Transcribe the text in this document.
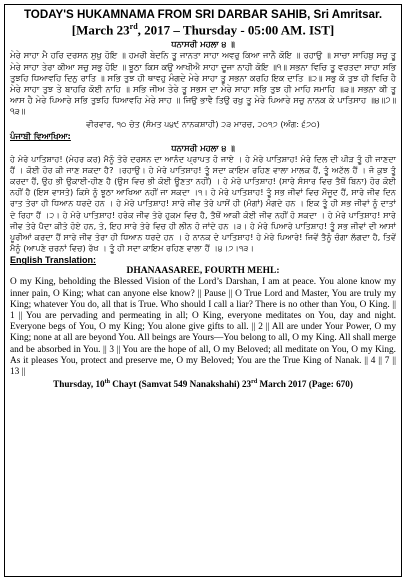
TODAY'S HUKAMNAMA FROM SRI DARBAR SAHIB, Sri Amritsar.
[March 23rd, 2017 – Thursday - 05:00 AM. IST]
ਧਨਾਸਰੀ ਮਹਲਾ ੪ ॥

ਮੇਰੇ ਸਾਹਾ ਮੈ ਹਰਿ ਦਰਸਨ ਸੁਖੁ ਹੋਇ ॥ ਹਮਰੀ ਬੇਦਨਿ ਤੂ ਜਾਨਤਾ ਸਾਹਾ ਅਵਰੁ ਕਿਆ ਜਾਨੈ ਕੋਇ ॥ ਰਹਾਉ ॥ ਸਾਚਾ ਸਾਹਿਬੁ ਸਚੁ ਤੂ ਮੇਰੇ ਸਾਹਾ ਤੇਰਾ ਕੀਆ ਸਚੁ ਸਭੁ ਹੋਇ ॥ ਝੂਠਾ ਕਿਸ ਕਉ ਆਖੀਐ ਸਾਹਾ ਦੂਜਾ ਨਾਹੀ ਕੋਇ ॥੧॥ ਸਭਨਾ ਵਿਚਿ ਤੂ ਵਰਤਦਾ ਸਾਹਾ ਸਭਿ ਤੁਝਹਿ ਧਿਆਵਹਿ ਦਿਨੁ ਰਾਤਿ ॥ ਸਭਿ ਤੁਝ ਹੀ ਥਾਵਹੁ ਮੰਗਦੇ ਮੇਰੇ ਸਾਹਾ ਤੂ ਸਭਨਾ ਕਰਹਿ ਇਕ ਦਾਤਿ ॥੨॥ ਸਭੁ ਕੋ ਤੁਝ ਹੀ ਵਿਚਿ ਹੈ ਮੇਰੇ ਸਾਹਾ ਤੁਝ ਤੇ ਬਾਹਰਿ ਕੋਈ ਨਾਹਿ ॥ ਸਭਿ ਜੀਅ ਤੇਰੇ ਤੂ ਸਭਸ ਦਾ ਮੇਰੇ ਸਾਹਾ ਸਭਿ ਤੁਝ ਹੀ ਮਾਹਿ ਸਮਾਹਿ ॥੩॥ ਸਭਨਾ ਕੀ ਤੂ ਆਸ ਹੈ ਮੇਰੇ ਪਿਆਰੇ ਸਭਿ ਤੁਝਹਿ ਧਿਆਵਹਿ ਮੇਰੇ ਸਾਹ ॥ ਜਿਉ ਭਾਵੈ ਤਿਉ ਰਖੁ ਤੂ ਮੇਰੇ ਪਿਆਰੇ ਸਚੁ ਨਾਨਕ ਕੇ ਪਾਤਿਸਾਹ ॥੪॥੭॥੧੩॥

ਵੀਰਵਾਰ, ੧੦ ਚੇਤ (ਸੰਮਤ ੫੪੯ ਨਾਨਕਸ਼ਾਹੀ) ੨੩ ਮਾਰਚ, ੨੦੧੭ (ਅੰਗ: ੬੭੦)
ਪੰਜਾਬੀ ਵਿਆਖਿਆ:
ਧਨਾਸਰੀ ਮਹਲਾ ੪ ॥

ਹੇ ਮੇਰੇ ਪਾਤਿਸ਼ਾਹ! (ਮੇਹਰ ਕਰ) ਮੈਨੂੰ ਤੇਰੇ ਦਰਸਨ ਦਾ ਆਨੰਦ ਪ੍ਰਾਪਤ ਹੋ ਜਾਏ । ਹੇ ਮੇਰੇ ਪਾਤਿਸ਼ਾਹ! ਮੇਰੇ ਦਿਲ ਦੀ ਪੀੜ ਤੂੰ ਹੀ ਜਾਣਦਾ ਹੈਂ । ਕੋਈ ਹੋਰ ਕੀ ਜਾਣ ਸਕਦਾ ਹੈ? ।ਰਹਾਉ। ਹੇ ਮੇਰੇ ਪਾਤਿਸ਼ਾਹ! ਤੂੰ ਸਦਾ ਕਾਇਮ ਰਹਿਣ ਵਾਲਾ ਮਾਲਕ ਹੈਂ, ਤੂੰ ਅਟੱਲ ਹੈਂ । ਜੋ ਕੁਝ ਤੂੰ ਕਰਦਾ ਹੈਂ, ਉਹ ਭੀ ਉਕਾਈ-ਹੀਣ ਹੈ (ਉਸ ਵਿਚ ਭੀ ਕੋਈ ਊਣਤਾ ਨਹੀਂ) । ਹੇ ਮੇਰੇ ਪਾਤਿਸ਼ਾਹ! (ਸਾਰੇ ਸੰਸਾਰ ਵਿਚ ਤੈਥੋਂ ਬਿਨਾ) ਹੋਰ ਕੋਈ ਨਹੀਂ ਹੈ (ਇਸ ਵਾਸਤੇ) ਕਿਸੇ ਨੂੰ ਝੂਠਾ ਆਖਿਆ ਨਹੀਂ ਜਾ ਸਕਦਾ ।੧। ਹੇ ਮੇਰੇ ਪਾਤਿਸ਼ਾਹ! ਤੂੰ ਸਭ ਜੀਵਾਂ ਵਿਚ ਮੌਜੂਦ ਹੈਂ, ਸਾਰੇ ਜੀਵ ਦਿਨ ਰਾਤ ਤੇਰਾ ਹੀ ਧਿਆਨ ਧਰਦੇ ਹਨ । ਹੇ ਮੇਰੇ ਪਾਤਿਸ਼ਾਹ! ਸਾਰੇ ਜੀਵ ਤੇਰੇ ਪਾਸੋਂ ਹੀ (ਮੰਗਾਂ) ਮੰਗਦੇ ਹਨ । ਇਕ ਤੂੰ ਹੀ ਸਭ ਜੀਵਾਂ ਨੂੰ ਦਾਤਾਂ ਦੇ ਰਿਹਾ ਹੈਂ ।੨। ਹੇ ਮੇਰੇ ਪਾਤਿਸ਼ਾਹ! ਹਰੇਕ ਜੀਵ ਤੇਰੇ ਹੁਕਮ ਵਿਚ ਹੈ, ਤੈਥੋਂ ਆਕੀ ਕੋਈ ਜੀਵ ਨਹੀਂ ਹੋ ਸਕਦਾ । ਹੇ ਮੇਰੇ ਪਾਤਿਸ਼ਾਹ! ਸਾਰੇ ਜੀਵ ਤੇਰੇ ਪੈਦਾ ਕੀਤੇ ਹੋਏ ਹਨ, ਤੇ, ਇਹ ਸਾਰੇ ਤੇਰੇ ਵਿਚ ਹੀ ਲੀਨ ਹੋ ਜਾਂਦੇ ਹਨ ।੩। ਹੇ ਮੇਰੇ ਪਿਆਰੇ ਪਾਤਿਸ਼ਾਹ! ਤੂੰ ਸਭ ਜੀਵਾਂ ਦੀ ਆਸਾਂ ਪੂਰੀਆਂ ਕਰਦਾ ਹੈਂ ਸਾਰੇ ਜੀਵ ਤੇਰਾ ਹੀ ਧਿਆਨ ਧਰਦੇ ਹਨ । ਹੇ ਨਾਨਕ ਦੇ ਪਾਤਿਸ਼ਾਹ! ਹੇ ਮੇਰੇ ਪਿਆਰੇ! ਜਿਵੇਂ ਤੈਨੂੰ ਚੰਗਾ ਲੱਗਦਾ ਹੈ, ਤਿਵੇਂ ਮੈਨੂੰ (ਆਪਣੇ ਚਰਨਾਂ ਵਿਚ) ਰੱਖ । ਤੂੰ ਹੀ ਸਦਾ ਕਾਇਮ ਰਹਿਣ ਵਾਲਾ ਹੈਂ ।੪।੭।੧੩।

English Translation:
DHANAASAREE, FOURTH MEHL:

O my King, beholding the Blessed Vision of the Lord’s Darshan, I am at peace. You alone know my inner pain, O King; what can anyone else know? || Pause || O True Lord and Master, You are truly my King; whatever You do, all that is True. Who should I call a liar? There is no other than You, O King. || 1 || You are pervading and permeating in all; O King, everyone meditates on You, day and night. Everyone begs of You, O my King; You alone give gifts to all. || 2 || All are under Your Power, O my King; none at all are beyond You. All beings are Yours—You belong to all, O my King. All shall merge and be absorbed in You. || 3 || You are the hope of all, O my Beloved; all meditate on You, O my King. As it pleases You, protect and preserve me, O my Beloved; You are the True King of Nanak. || 4 || 7 || 13 ||

Thursday, 10th Chayt (Samvat 549 Nanakshahi) 23rd March 2017 (Page: 670)
